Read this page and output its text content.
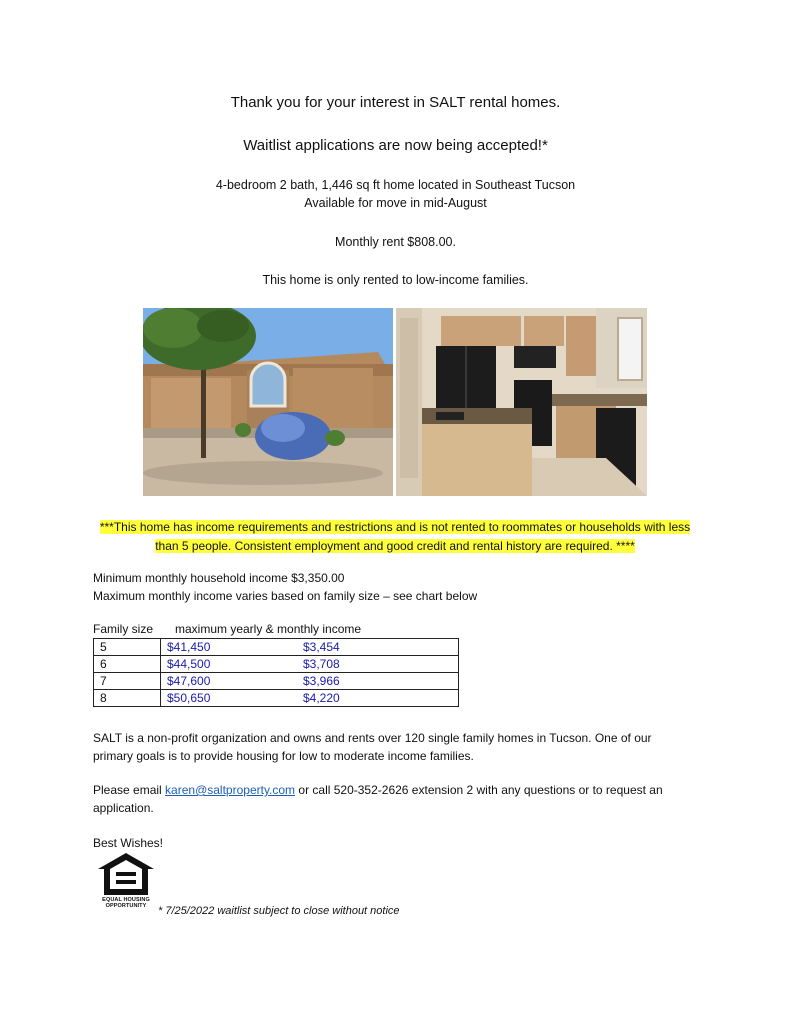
Thank you for your interest in SALT rental homes.
Waitlist applications are now being accepted!*
4-bedroom 2 bath, 1,446 sq ft home located in Southeast Tucson
Available for move in mid-August
Monthly rent $808.00.
This home is only rented to low-income families.
***This home has income requirements and restrictions and is not rented to roommates or households with less than 5 people. Consistent employment and good credit and rental history are required. ****
Minimum monthly household income $3,350.00
Maximum monthly income varies based on family size – see chart below
Family size maximum yearly & monthly income
5	$41,450	$3,454
6	$44,500	$3,708
7	$47,600	$3,966
8	$50,650	$4,220
SALT is a non-profit organization and owns and rents over 120 single family homes in Tucson. One of our primary goals is to provide housing for low to moderate income families.
Please email karen@saltproperty.com or call 520-352-2626 extension 2 with any questions or to request an application.
Best Wishes!
EQUAL HOUSING
OPPORTUNITY	* 7/25/2022 waitlist subject to close without notice
